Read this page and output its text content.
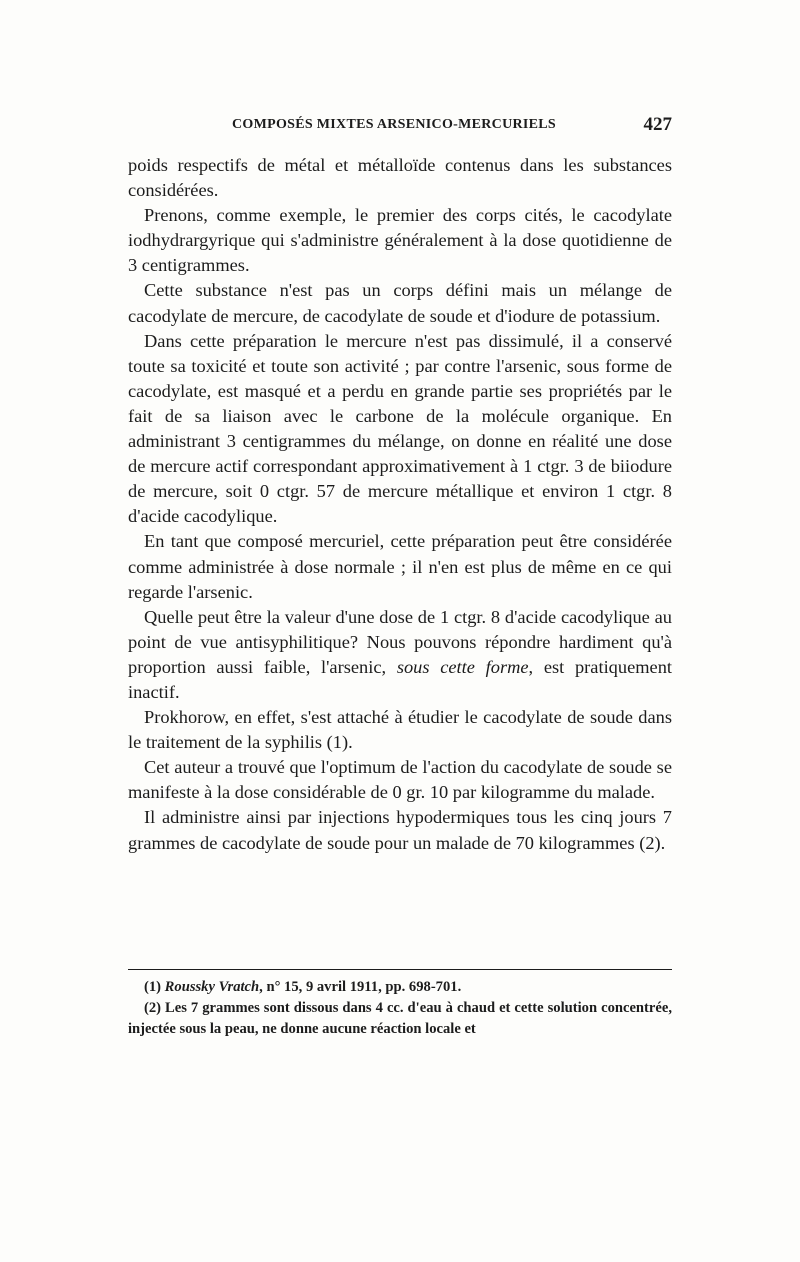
COMPOSÉS MIXTES ARSENICO-MERCURIELS	427

poids respectifs de métal et métalloïde contenus dans les substances considérées.

Prenons, comme exemple, le premier des corps cités, le cacodylate iodhydrargyrique qui s'administre généralement à la dose quotidienne de 3 centigrammes.

Cette substance n'est pas un corps défini mais un mélange de cacodylate de mercure, de cacodylate de soude et d'iodure de potassium.

Dans cette préparation le mercure n'est pas dissimulé, il a conservé toute sa toxicité et toute son activité ; par contre l'arsenic, sous forme de cacodylate, est masqué et a perdu en grande partie ses propriétés par le fait de sa liaison avec le carbone de la molécule organique. En administrant 3 centigrammes du mélange, on donne en réalité une dose de mercure actif correspondant approximativement à 1 ctgr. 3 de biiodure de mercure, soit 0 ctgr. 57 de mercure métallique et environ 1 ctgr. 8 d'acide cacodylique.

En tant que composé mercuriel, cette préparation peut être considérée comme administrée à dose normale ; il n'en est plus de même en ce qui regarde l'arsenic.

Quelle peut être la valeur d'une dose de 1 ctgr. 8 d'acide cacodylique au point de vue antisyphilitique? Nous pouvons répondre hardiment qu'à proportion aussi faible, l'arsenic, sous cette forme, est pratiquement inactif.

Prokhorow, en effet, s'est attaché à étudier le cacodylate de soude dans le traitement de la syphilis (1).

Cet auteur a trouvé que l'optimum de l'action du cacodylate de soude se manifeste à la dose considérable de 0 gr. 10 par kilogramme du malade.

Il administre ainsi par injections hypodermiques tous les cinq jours 7 grammes de cacodylate de soude pour un malade de 70 kilogrammes (2).

(1) Roussky Vratch, n° 15, 9 avril 1911, pp. 698-701.

(2) Les 7 grammes sont dissous dans 4 cc. d'eau à chaud et cette solution concentrée, injectée sous la peau, ne donne aucune réaction locale et
